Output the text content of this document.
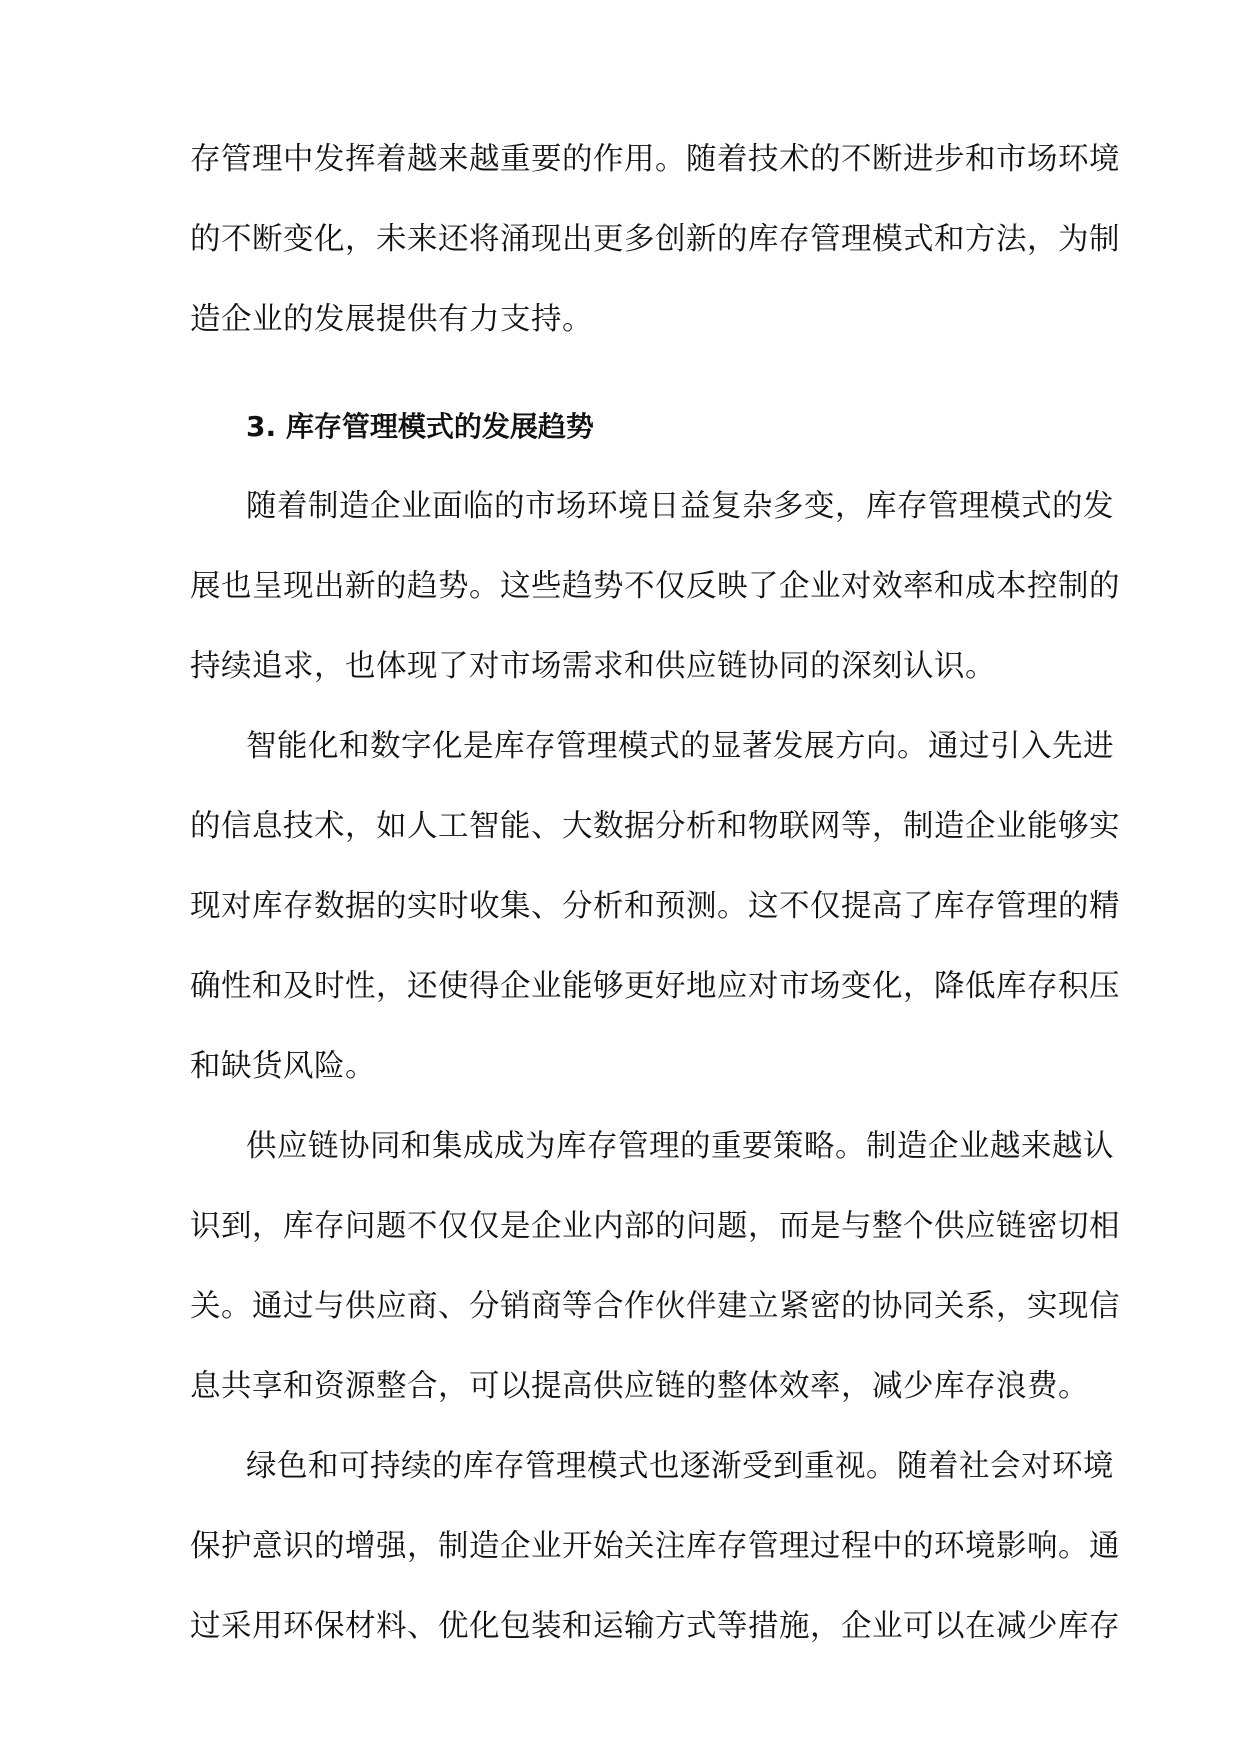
存管理中发挥着越来越重要的作用。随着技术的不断进步和市场环境
的不断变化，未来还将涌现出更多创新的库存管理模式和方法，为制
造企业的发展提供有力支持。
3. 库存管理模式的发展趋势
随着制造企业面临的市场环境日益复杂多变，库存管理模式的发
展也呈现出新的趋势。这些趋势不仅反映了企业对效率和成本控制的
持续追求，也体现了对市场需求和供应链协同的深刻认识。
智能化和数字化是库存管理模式的显著发展方向。通过引入先进
的信息技术，如人工智能、大数据分析和物联网等，制造企业能够实
现对库存数据的实时收集、分析和预测。这不仅提高了库存管理的精
确性和及时性，还使得企业能够更好地应对市场变化，降低库存积压
和缺货风险。
供应链协同和集成成为库存管理的重要策略。制造企业越来越认
识到，库存问题不仅仅是企业内部的问题，而是与整个供应链密切相
关。通过与供应商、分销商等合作伙伴建立紧密的协同关系，实现信
息共享和资源整合，可以提高供应链的整体效率，减少库存浪费。
绿色和可持续的库存管理模式也逐渐受到重视。随着社会对环境
保护意识的增强，制造企业开始关注库存管理过程中的环境影响。通
过采用环保材料、优化包装和运输方式等措施，企业可以在减少库存
